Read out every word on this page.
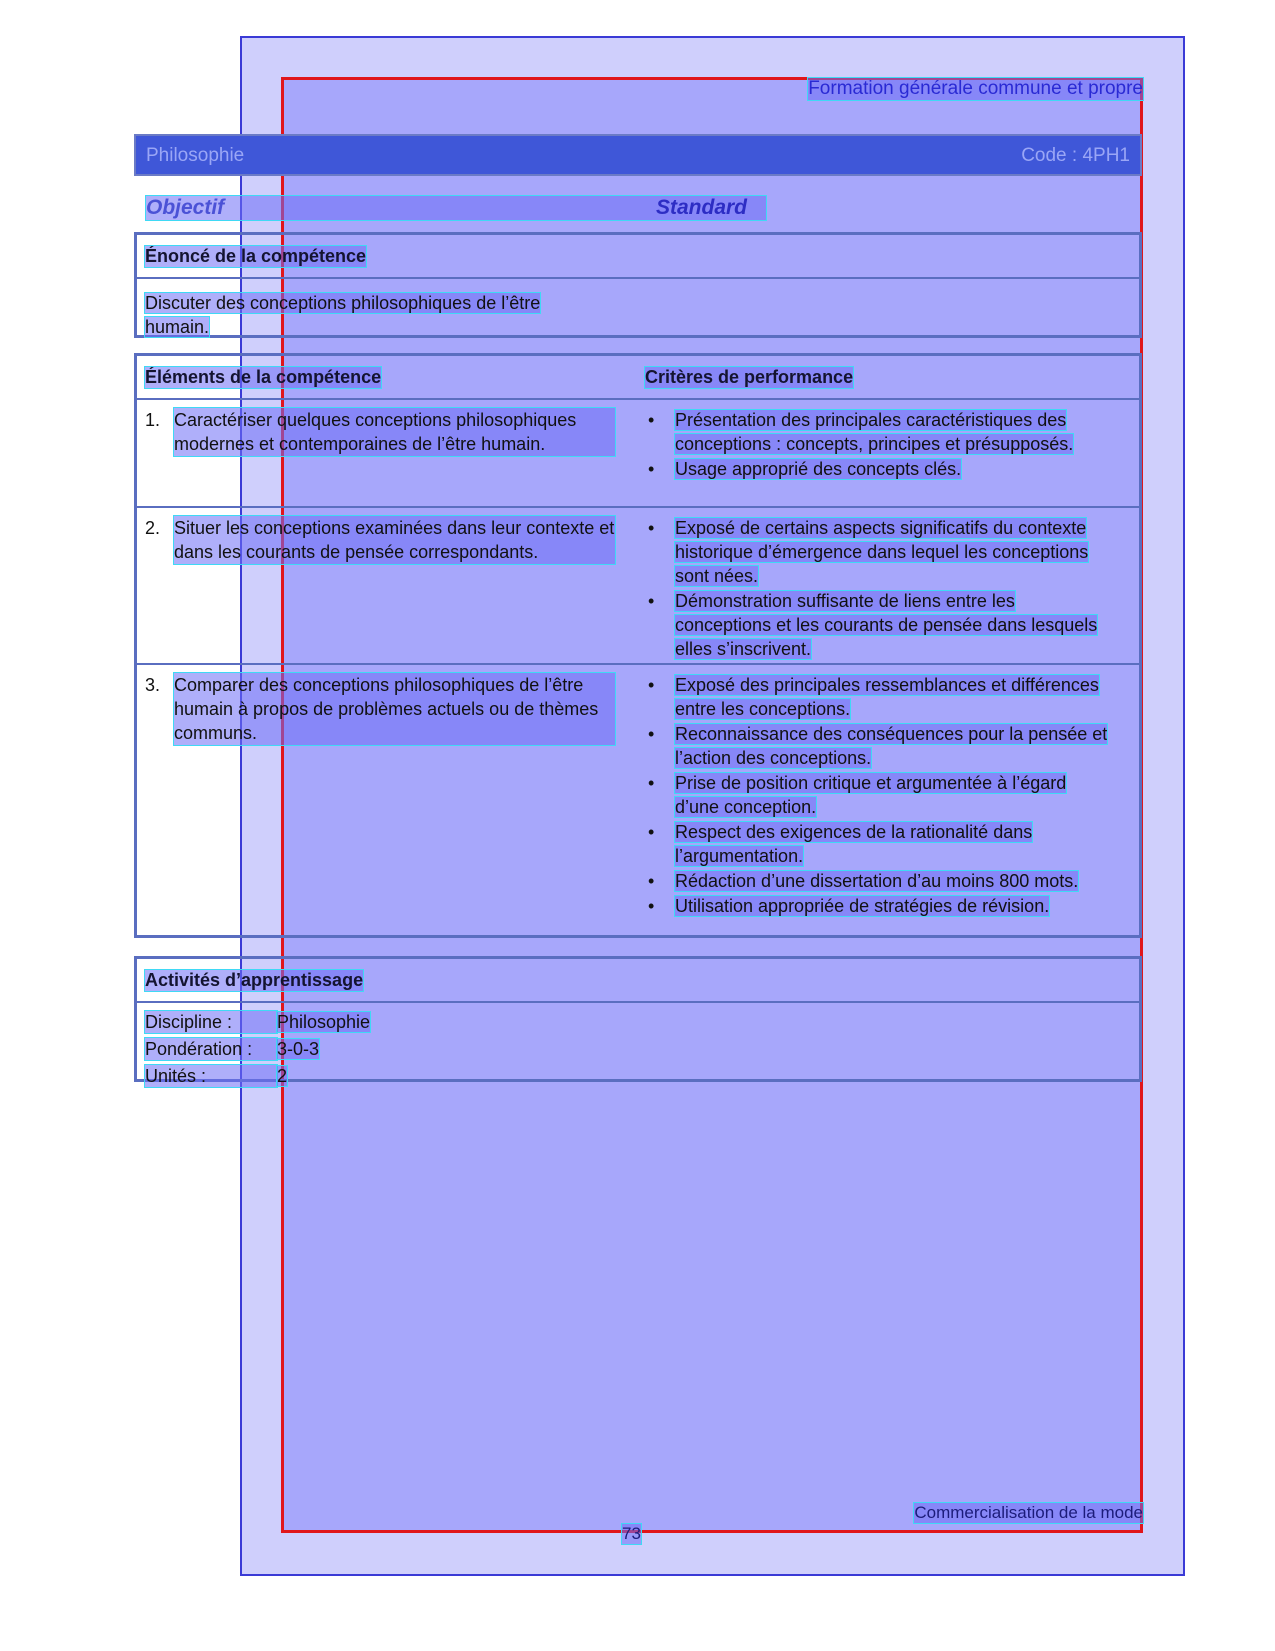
Formation générale commune et propre
Philosophie	Code : 4PH1
Objectif	Standard
Énoncé de la compétence
Discuter des conceptions philosophiques de l’être humain.
Éléments de la compétence	Critères de performance
1. Caractériser quelques conceptions philosophiques modernes et contemporaines de l’être humain.
• Présentation des principales caractéristiques des conceptions : concepts, principes et présupposés.
• Usage approprié des concepts clés.
2. Situer les conceptions examinées dans leur contexte et dans les courants de pensée correspondants.
• Exposé de certains aspects significatifs du contexte historique d’émergence dans lequel les conceptions sont nées.
• Démonstration suffisante de liens entre les conceptions et les courants de pensée dans lesquels elles s’inscrivent.
3. Comparer des conceptions philosophiques de l’être humain à propos de problèmes actuels ou de thèmes communs.
• Exposé des principales ressemblances et différences entre les conceptions.
• Reconnaissance des conséquences pour la pensée et l’action des conceptions.
• Prise de position critique et argumentée à l’égard d’une conception.
• Respect des exigences de la rationalité dans l’argumentation.
• Rédaction d’une dissertation d’au moins 800 mots.
• Utilisation appropriée de stratégies de révision.
Activités d’apprentissage
Discipline : Philosophie
Pondération : 3-0-3
Unités :	2
Commercialisation de la mode
73
